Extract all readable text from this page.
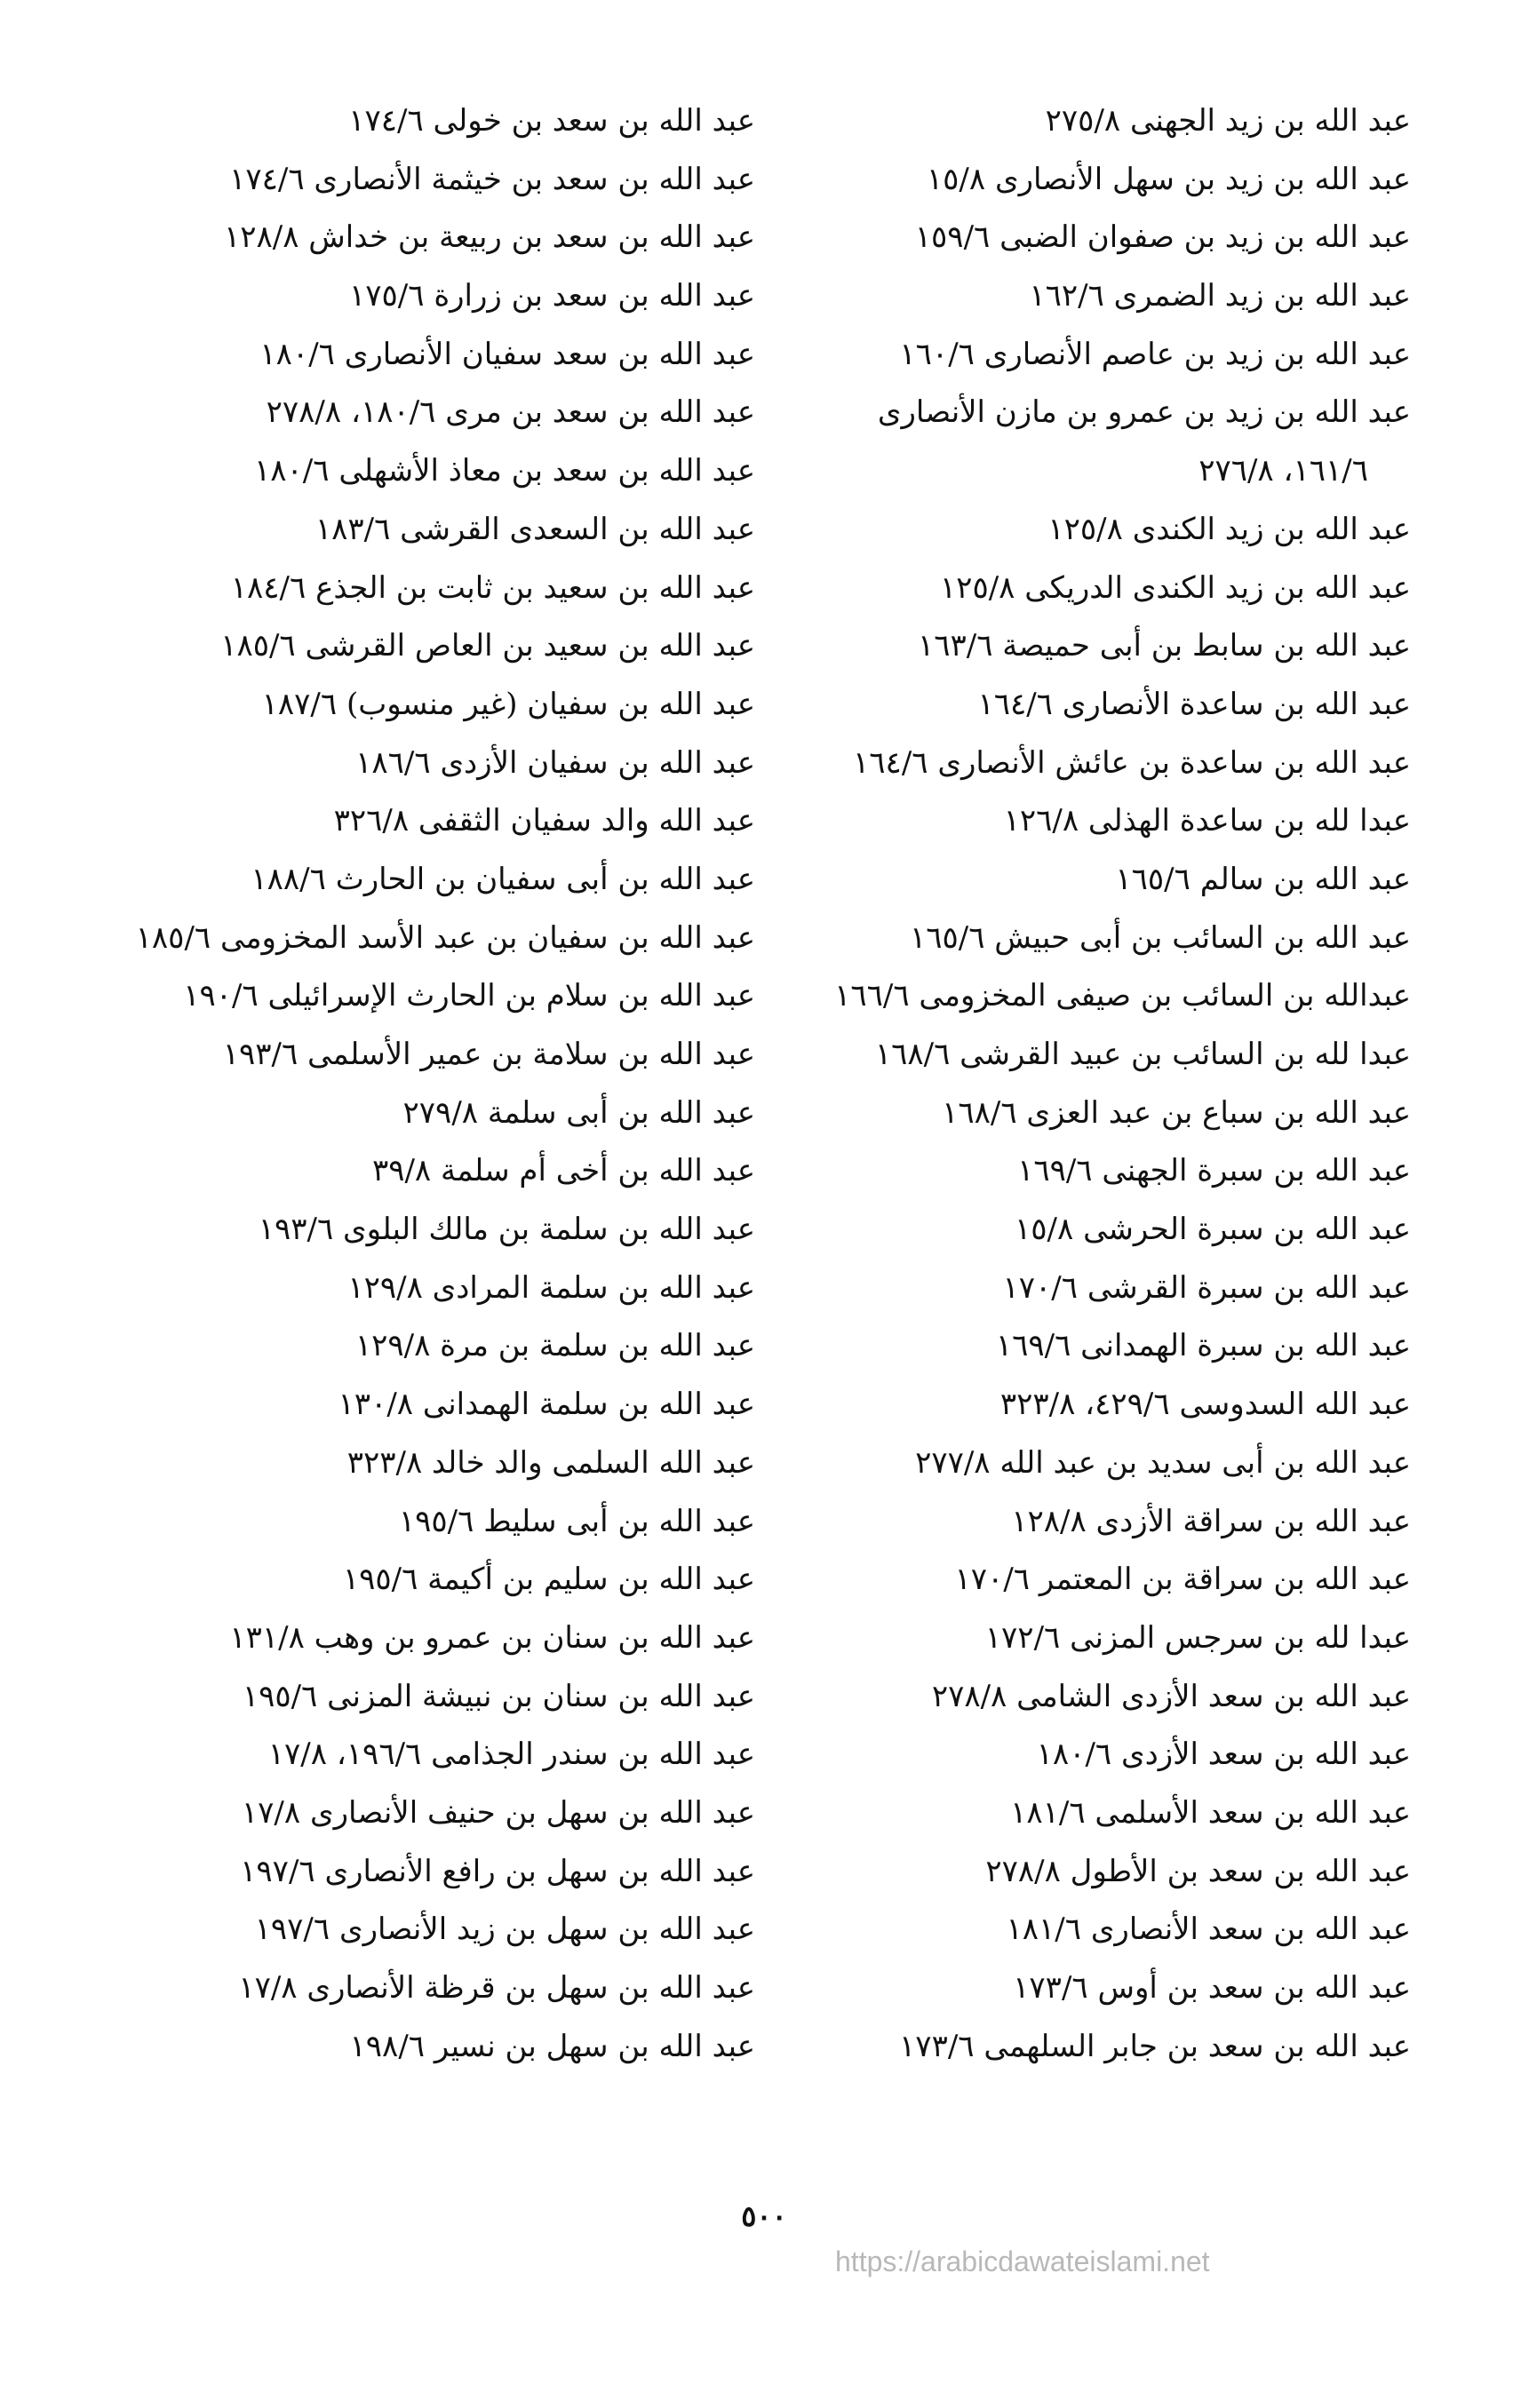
عبد الله بن زيد الجهنى ٢٧٥/٨
عبد الله بن زيد بن سهل الأنصارى ١٥/٨
عبد الله بن زيد بن صفوان الضبى ١٥٩/٦
عبد الله بن زيد الضمرى ١٦٢/٦
عبد الله بن زيد بن عاصم الأنصارى ١٦٠/٦
عبد الله بن زيد بن عمرو بن مازن الأنصارى
١٦١/٦، ٢٧٦/٨
عبد الله بن زيد الكندى ١٢٥/٨
عبد الله بن زيد الكندى الدريكى ١٢٥/٨
عبد الله بن سابط بن أبى حميصة ١٦٣/٦
عبد الله بن ساعدة الأنصارى ١٦٤/٦
عبد الله بن ساعدة بن عائش الأنصارى ١٦٤/٦
عبدا لله بن ساعدة الهذلى ١٢٦/٨
عبد الله بن سالم ١٦٥/٦
عبد الله بن السائب بن أبى حبيش ١٦٥/٦
عبدالله بن السائب بن صيفى المخزومى ١٦٦/٦
عبدا لله بن السائب بن عبيد القرشى ١٦٨/٦
عبد الله بن سباع بن عبد العزى ١٦٨/٦
عبد الله بن سبرة الجهنى ١٦٩/٦
عبد الله بن سبرة الحرشى ١٥/٨
عبد الله بن سبرة القرشى ١٧٠/٦
عبد الله بن سبرة الهمدانى ١٦٩/٦
عبد الله السدوسى ٤٢٩/٦، ٣٢٣/٨
عبد الله بن أبى سديد بن عبد الله ٢٧٧/٨
عبد الله بن سراقة الأزدى ١٢٨/٨
عبد الله بن سراقة بن المعتمر ١٧٠/٦
عبدا لله بن سرجس المزنى ١٧٢/٦
عبد الله بن سعد الأزدى الشامى ٢٧٨/٨
عبد الله بن سعد الأزدى ١٨٠/٦
عبد الله بن سعد الأسلمى ١٨١/٦
عبد الله بن سعد بن الأطول ٢٧٨/٨
عبد الله بن سعد الأنصارى ١٨١/٦
عبد الله بن سعد بن أوس ١٧٣/٦
عبد الله بن سعد بن جابر السلهمى ١٧٣/٦
عبد الله بن سعد بن خولى ١٧٤/٦
عبد الله بن سعد بن خيثمة الأنصارى ١٧٤/٦
عبد الله بن سعد بن ربيعة بن خداش ١٢٨/٨
عبد الله بن سعد بن زرارة ١٧٥/٦
عبد الله بن سعد سفيان الأنصارى ١٨٠/٦
عبد الله بن سعد بن مرى ١٨٠/٦، ٢٧٨/٨
عبد الله بن سعد بن معاذ الأشهلى ١٨٠/٦
عبد الله بن السعدى القرشى ١٨٣/٦
عبد الله بن سعيد بن ثابت بن الجذع ١٨٤/٦
عبد الله بن سعيد بن العاص القرشى ١٨٥/٦
عبد الله بن سفيان (غير منسوب) ١٨٧/٦
عبد الله بن سفيان الأزدى ١٨٦/٦
عبد الله والد سفيان الثقفى ٣٢٦/٨
عبد الله بن أبى سفيان بن الحارث ١٨٨/٦
عبد الله بن سفيان بن عبد الأسد المخزومى ١٨٥/٦
عبد الله بن سلام بن الحارث الإسرائيلى ١٩٠/٦
عبد الله بن سلامة بن عمير الأسلمى ١٩٣/٦
عبد الله بن أبى سلمة ٢٧٩/٨
عبد الله بن أخى أم سلمة ٣٩/٨
عبد الله بن سلمة بن مالك البلوى ١٩٣/٦
عبد الله بن سلمة المرادى ١٢٩/٨
عبد الله بن سلمة بن مرة ١٢٩/٨
عبد الله بن سلمة الهمدانى ١٣٠/٨
عبد الله السلمى والد خالد ٣٢٣/٨
عبد الله بن أبى سليط ١٩٥/٦
عبد الله بن سليم بن أكيمة ١٩٥/٦
عبد الله بن سنان بن عمرو بن وهب ١٣١/٨
عبد الله بن سنان بن نبيشة المزنى ١٩٥/٦
عبد الله بن سندر الجذامى ١٩٦/٦، ١٧/٨
عبد الله بن سهل بن حنيف الأنصارى ١٧/٨
عبد الله بن سهل بن رافع الأنصارى ١٩٧/٦
عبد الله بن سهل بن زيد الأنصارى ١٩٧/٦
عبد الله بن سهل بن قرظة الأنصارى ١٧/٨
عبد الله بن سهل بن نسير ١٩٨/٦
٥٠٠
https://arabicdawateislami.net
